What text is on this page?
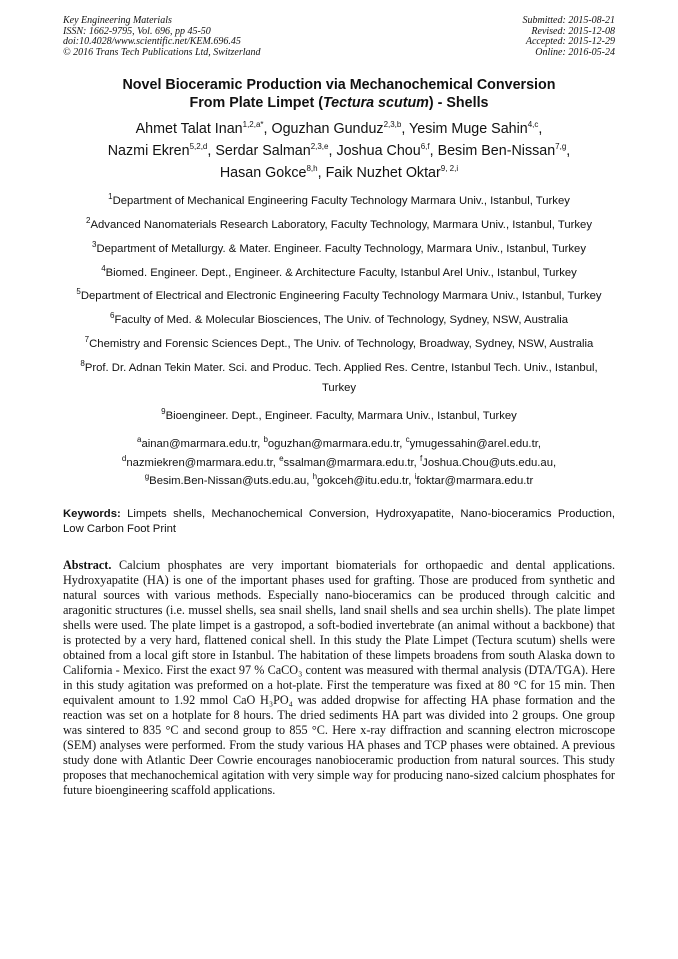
Key Engineering Materials
ISSN: 1662-9795, Vol. 696, pp 45-50
doi:10.4028/www.scientific.net/KEM.696.45
© 2016 Trans Tech Publications Ltd, Switzerland
Submitted: 2015-08-21
Revised: 2015-12-08
Accepted: 2015-12-29
Online: 2016-05-24
Novel Bioceramic Production via Mechanochemical Conversion
From Plate Limpet (Tectura scutum) - Shells
Ahmet Talat Inan$^{1,2,a*}$, Oguzhan Gunduz$^{2,3,b}$, Yesim Muge Sahin$^{4,c}$,
Nazmi Ekren$^{5,2,d}$, Serdar Salman$^{2,3,e}$, Joshua Chou$^{6,f}$, Besim Ben-Nissan$^{7,g}$,
Hasan Gokce$^{8,h}$, Faik Nuzhet Oktar$^{9, 2,i}$
$^1$Department of Mechanical Engineering Faculty Technology Marmara Univ., Istanbul, Turkey
$^2$Advanced Nanomaterials Research Laboratory, Faculty Technology, Marmara Univ., Istanbul, Turkey
$^3$Department of Metallurgy. & Mater. Engineer. Faculty Technology, Marmara Univ., Istanbul, Turkey
$^4$Biomed. Engineer. Dept., Engineer. & Architecture Faculty, Istanbul Arel Univ., Istanbul, Turkey
$^5$Department of Electrical and Electronic Engineering Faculty Technology Marmara Univ., Istanbul, Turkey
$^6$Faculty of Med. & Molecular Biosciences, The Univ. of Technology, Sydney, NSW, Australia
$^7$Chemistry and Forensic Sciences Dept., The Univ. of Technology, Broadway, Sydney, NSW, Australia
$^8$Prof. Dr. Adnan Tekin Mater. Sci. and Produc. Tech. Applied Res. Centre, Istanbul Tech. Univ., Istanbul, Turkey
$^9$Bioengineer. Dept., Engineer. Faculty, Marmara Univ., Istanbul, Turkey
$^a$ainan@marmara.edu.tr, $^b$oguzhan@marmara.edu.tr, $^c$ymugessahin@arel.edu.tr,
$^d$nazmiekren@marmara.edu.tr, $^e$ssalman@marmara.edu.tr, $^f$Joshua.Chou@uts.edu.au,
$^g$Besim.Ben-Nissan@uts.edu.au, $^h$gokceh@itu.edu.tr, $^i$foktar@marmara.edu.tr
Keywords: Limpets shells, Mechanochemical Conversion, Hydroxyapatite, Nano-bioceramics Production, Low Carbon Foot Print
Abstract. Calcium phosphates are very important biomaterials for orthopaedic and dental applications. Hydroxyapatite (HA) is one of the important phases used for grafting. Those are produced from synthetic and natural sources with various methods. Especially nano-bioceramics can be produced through calcitic and aragonitic structures (i.e. mussel shells, sea snail shells, land snail shells and sea urchin shells). The plate limpet shells were used. The plate limpet is a gastropod, a soft-bodied invertebrate (an animal without a backbone) that is protected by a very hard, flattened conical shell. In this study the Plate Limpet (Tectura scutum) shells were obtained from a local gift store in Istanbul. The habitation of these limpets broadens from south Alaska down to California - Mexico. First the exact 97 % CaCO₃ content was measured with thermal analysis (DTA/TGA). Here in this study agitation was preformed on a hot-plate. First the temperature was fixed at 80 °C for 15 min. Then equivalent amount to 1.92 mmol CaO H₃PO₄ was added dropwise for affecting HA phase formation and the reaction was set on a hotplate for 8 hours. The dried sediments HA part was divided into 2 groups. One group was sintered to 835 °C and second group to 855 °C. Here x-ray diffraction and scanning electron microscope (SEM) analyses were performed. From the study various HA phases and TCP phases were obtained. A previous study done with Atlantic Deer Cowrie encourages nanobioceramic production from natural sources. This study proposes that mechanochemical agitation with very simple way for producing nano-sized calcium phosphates for future bioengineering scaffold applications.
